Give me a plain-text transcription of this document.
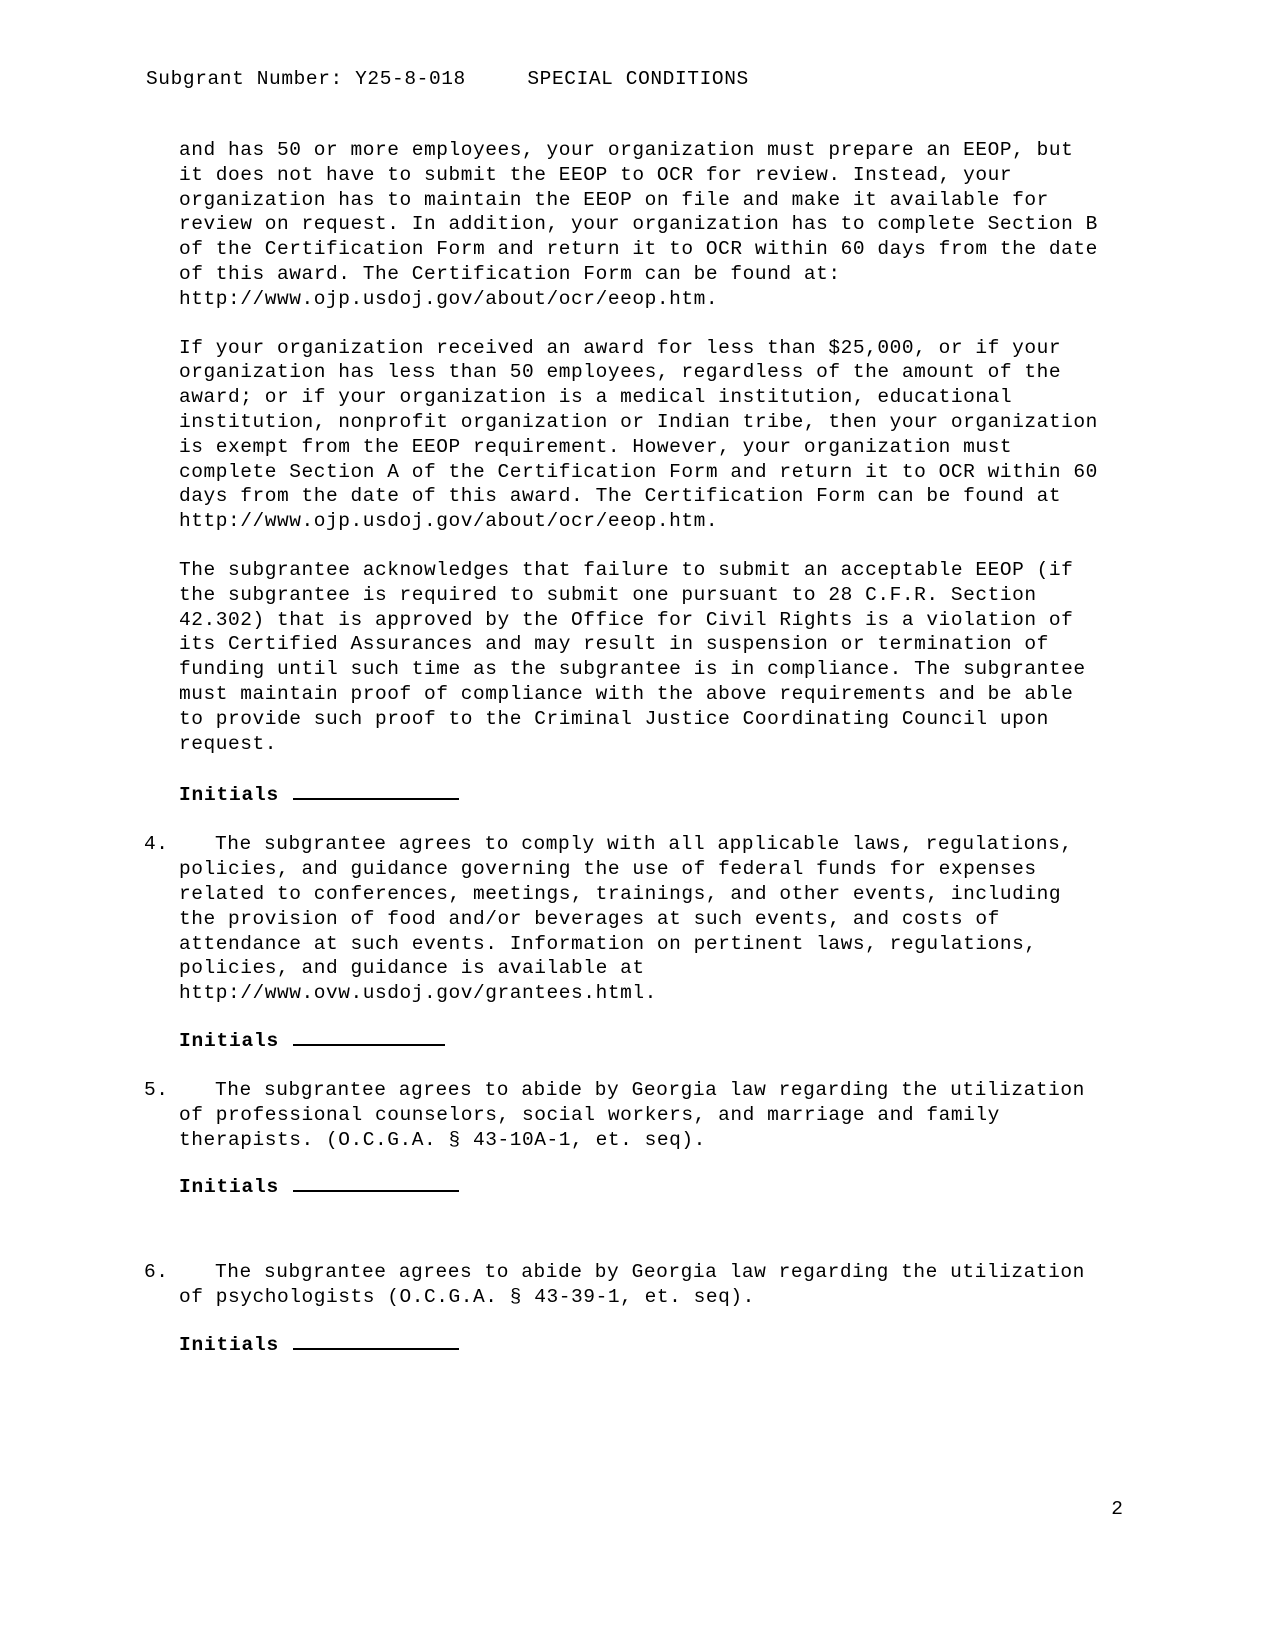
Subgrant Number: Y25-8-018     SPECIAL CONDITIONS

and has 50 or more employees, your organization must prepare an EEOP, but it does not have to submit the EEOP to OCR for review. Instead, your organization has to maintain the EEOP on file and make it available for review on request. In addition, your organization has to complete Section B of the Certification Form and return it to OCR within 60 days from the date of this award. The Certification Form can be found at: http://www.ojp.usdoj.gov/about/ocr/eeop.htm.

If your organization received an award for less than $25,000, or if your organization has less than 50 employees, regardless of the amount of the award; or if your organization is a medical institution, educational institution, nonprofit organization or Indian tribe, then your organization is exempt from the EEOP requirement. However, your organization must complete Section A of the Certification Form and return it to OCR within 60 days from the date of this award. The Certification Form can be found at http://www.ojp.usdoj.gov/about/ocr/eeop.htm.

The subgrantee acknowledges that failure to submit an acceptable EEOP (if the subgrantee is required to submit one pursuant to 28 C.F.R. Section 42.302) that is approved by the Office for Civil Rights is a violation of its Certified Assurances and may result in suspension or termination of funding until such time as the subgrantee is in compliance. The subgrantee must maintain proof of compliance with the above requirements and be able to provide such proof to the Criminal Justice Coordinating Council upon request.

Initials
4.	The subgrantee agrees to comply with all applicable laws, regulations, policies, and guidance governing the use of federal funds for expenses related to conferences, meetings, trainings, and other events, including the provision of food and/or beverages at such events, and costs of attendance at such events. Information on pertinent laws, regulations, policies, and guidance is available at http://www.ovw.usdoj.gov/grantees.html.
Initials
5.	The subgrantee agrees to abide by Georgia law regarding the utilization of professional counselors, social workers, and marriage and family therapists. (O.C.G.A. § 43-10A-1, et. seq).
Initials
6.	The subgrantee agrees to abide by Georgia law regarding the utilization of psychologists (O.C.G.A. § 43-39-1, et. seq).
Initials
2
